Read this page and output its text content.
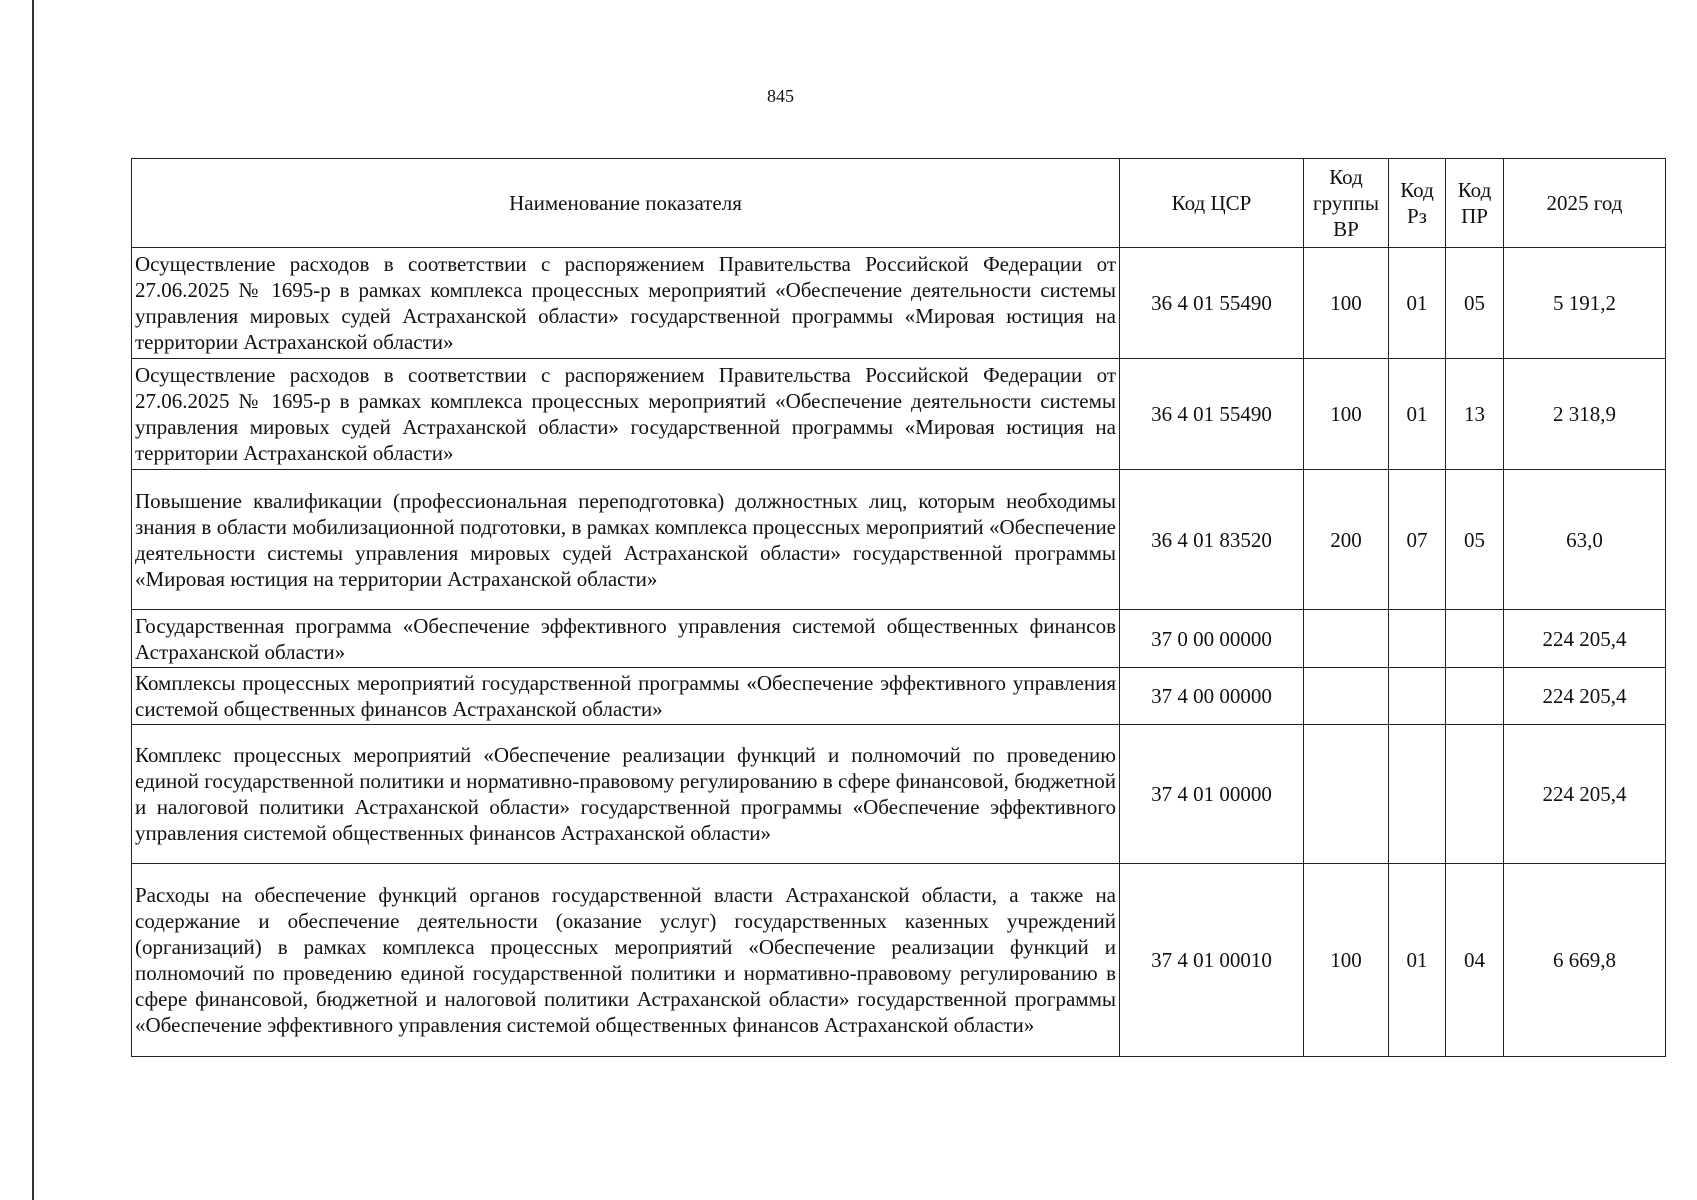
845
Наименование показателя	Код ЦСР	Код группы ВР	Код Рз	Код ПР	2025 год
Осуществление расходов в соответствии с распоряжением Правительства Российской Федерации от 27.06.2025 № 1695-р в рамках комплекса процессных мероприятий «Обеспечение деятельности системы управления мировых судей Астраханской области» государственной программы «Мировая юстиция на территории Астраханской области»	36 4 01 55490	100	01	05	5 191,2
Осуществление расходов в соответствии с распоряжением Правительства Российской Федерации от 27.06.2025 № 1695-р в рамках комплекса процессных мероприятий «Обеспечение деятельности системы управления мировых судей Астраханской области» государственной программы «Мировая юстиция на территории Астраханской области»	36 4 01 55490	100	01	13	2 318,9
Повышение квалификации (профессиональная переподготовка) должностных лиц, которым необходимы знания в области мобилизационной подготовки, в рамках комплекса процессных мероприятий «Обеспечение деятельности системы управления мировых судей Астраханской области» государственной программы «Мировая юстиция на территории Астраханской области»	36 4 01 83520	200	07	05	63,0
Государственная программа «Обеспечение эффективного управления системой общественных финансов Астраханской области»	37 0 00 00000				224 205,4
Комплексы процессных мероприятий государственной программы «Обеспечение эффективного управления системой общественных финансов Астраханской области»	37 4 00 00000				224 205,4
Комплекс процессных мероприятий «Обеспечение реализации функций и полномочий по проведению единой государственной политики и нормативно-правовому регулированию в сфере финансовой, бюджетной и налоговой политики Астраханской области» государственной программы «Обеспечение эффективного управления системой общественных финансов Астраханской области»	37 4 01 00000				224 205,4
Расходы на обеспечение функций органов государственной власти Астраханской области, а также на содержание и обеспечение деятельности (оказание услуг) государственных казенных учреждений (организаций) в рамках комплекса процессных мероприятий «Обеспечение реализации функций и полномочий по проведению единой государственной политики и нормативно-правовому регулированию в сфере финансовой, бюджетной и налоговой политики Астраханской области» государственной программы «Обеспечение эффективного управления системой общественных финансов Астраханской области»	37 4 01 00010	100	01	04	6 669,8
